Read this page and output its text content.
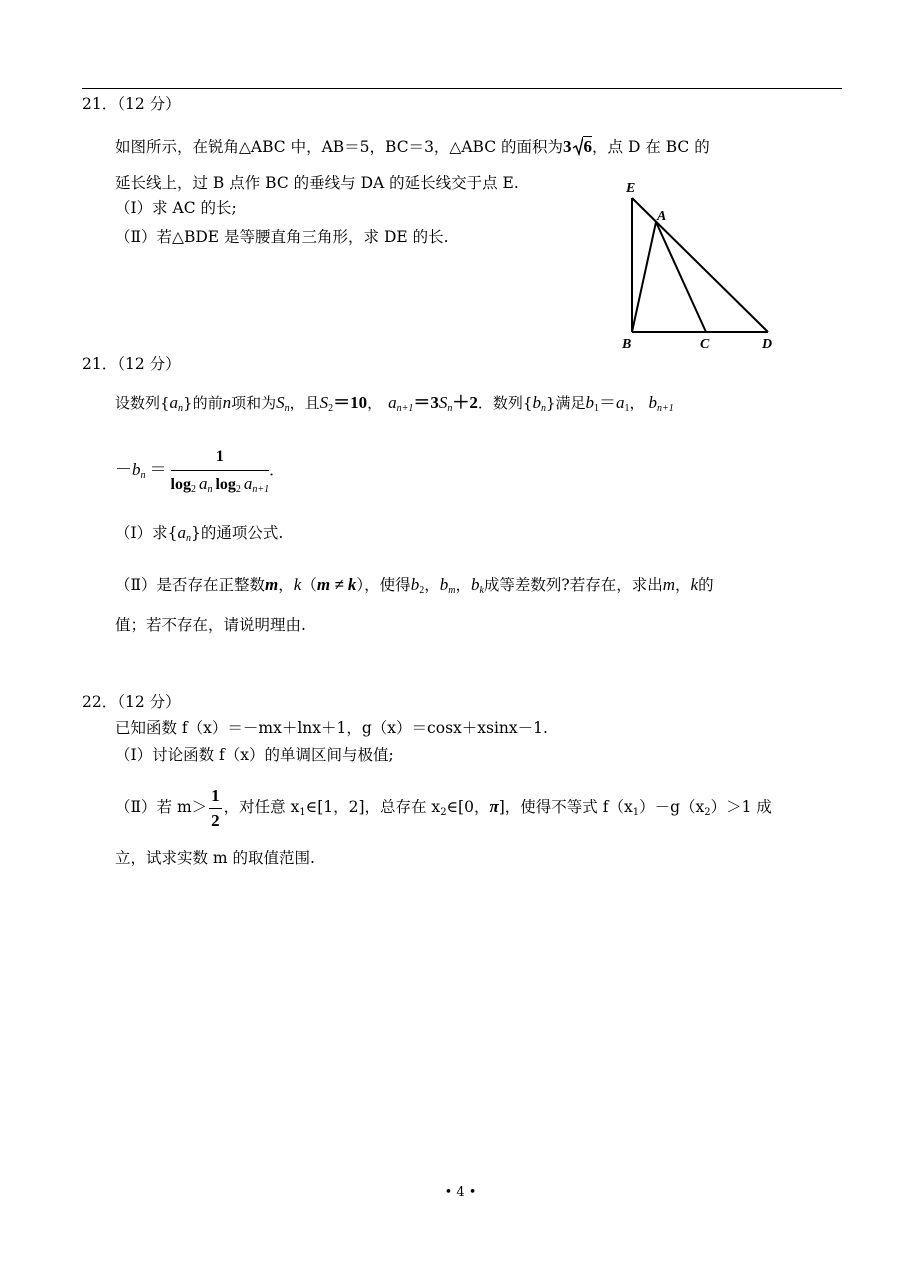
21．（12 分）
如图所示，在锐角△ABC 中，AB＝5，BC＝3，△ABC 的面积为3 6，点 D 在 BC 的
延长线上，过 B 点作 BC 的垂线与 DA 的延长线交于点 E.
（Ⅰ）求 AC 的长;
（Ⅱ）若△BDE 是等腰直角三角形，求 DE 的长.
E
A
B	C	D
21．（12 分）
设数列$\{a_n\}$的前n项和为$S_n$，且$S_2=10$， $a_{n+1}=3S_n+2$．数列$\{b_n\}$满足$b_1=a_1$， $b_{n+1}$
$-b_n = \frac{1}{\log_2 a_n \log_2 a_{n+1}}$ ．
（Ⅰ）求$\{a_n\}$的通项公式.
（Ⅱ）是否存在正整数m，k（m ≠ k），使得$b_2$，$b_m$，$b_k$成等差数列?若存在，求出m，k的
值；若不存在，请说明理由.
22．（12 分）
已知函数 f（x）＝－mx＋lnx＋1，g（x）＝cosx＋xsinx－1.
（Ⅰ）讨论函数 f（x）的单调区间与极值;
（Ⅱ）若 $m> \frac{1}{2}$ ，对任意 $x_1\in[1$，2]，总存在 $x_2\in[0$，π]，使得不等式 $f(x_1)-g(x_2)>1$ 成
立，试求实数 m 的取值范围.
• 4 •
